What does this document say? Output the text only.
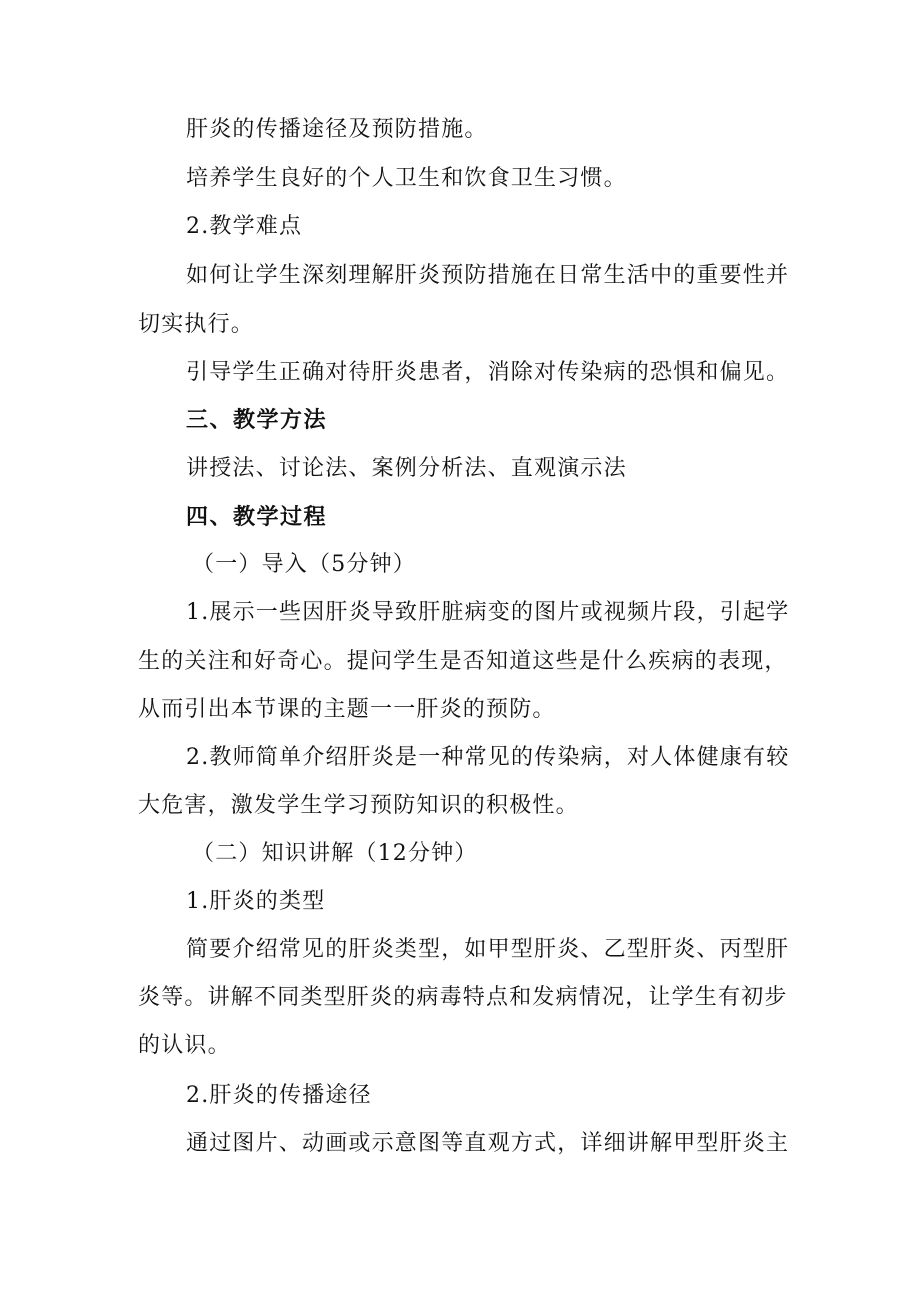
肝炎的传播途径及预防措施。
培养学生良好的个人卫生和饮食卫生习惯。
2.教学难点
如何让学生深刻理解肝炎预防措施在日常生活中的重要性并
切实执行。
引导学生正确对待肝炎患者，消除对传染病的恐惧和偏见。
三、教学方法
讲授法、讨论法、案例分析法、直观演示法
四、教学过程
（一）导入（5分钟）
1.展示一些因肝炎导致肝脏病变的图片或视频片段，引起学
生的关注和好奇心。提问学生是否知道这些是什么疾病的表现，
从而引出本节课的主题一一肝炎的预防。
2.教师简单介绍肝炎是一种常见的传染病，对人体健康有较
大危害，激发学生学习预防知识的积极性。
（二）知识讲解（12分钟）
1.肝炎的类型
简要介绍常见的肝炎类型，如甲型肝炎、乙型肝炎、丙型肝
炎等。讲解不同类型肝炎的病毒特点和发病情况，让学生有初步
的认识。
2.肝炎的传播途径
通过图片、动画或示意图等直观方式，详细讲解甲型肝炎主
